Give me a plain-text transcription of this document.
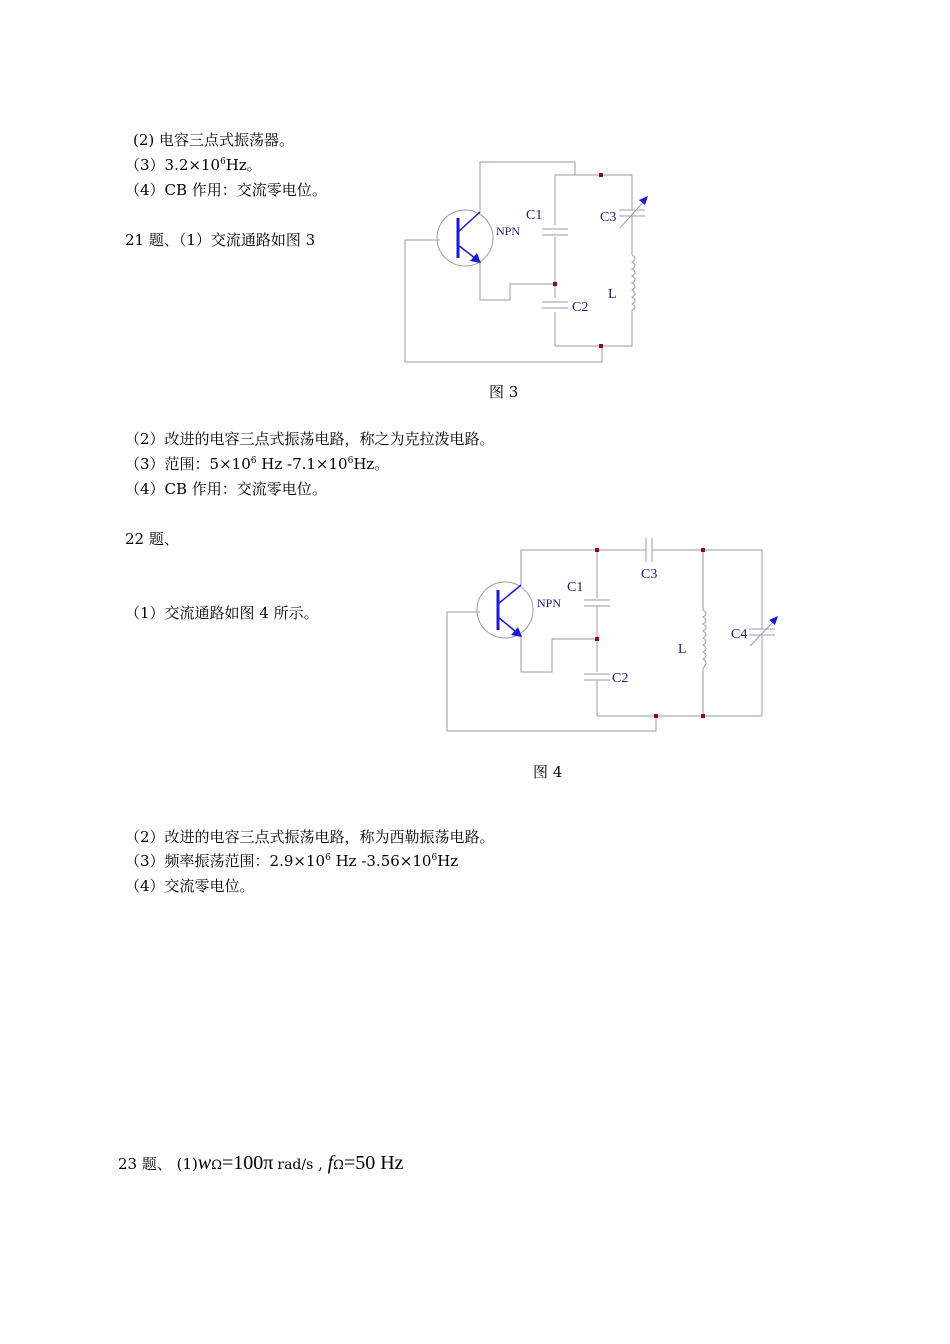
(2) 电容三点式振荡器。
$(3)3.2\times 10^6Hz$。
（4）CB 作用：交流零电位。
21 题、（1）交流通路如图 3
图 3
（2）改进的电容三点式振荡电路，称之为克拉泼电路。
（3）范围：$5\times 10^6$ Hz $-7.1\times 10^6Hz$。
（4）CB 作用：交流零电位。
22 题、
（1）交流通路如图 4 所示。
图 4
（2）改进的电容三点式振荡电路，称为西勒振荡电路。
（3）频率振荡范围：$2.9\times 10^6$ Hz $-3.56\times 10^6Hz$
（4）交流零电位。
23 题、 (1)wΩ=100π rad/s , fΩ=50 Hz
NPN
C1
C2
C3
L
NPN
C1
C2
C3
C4
L
